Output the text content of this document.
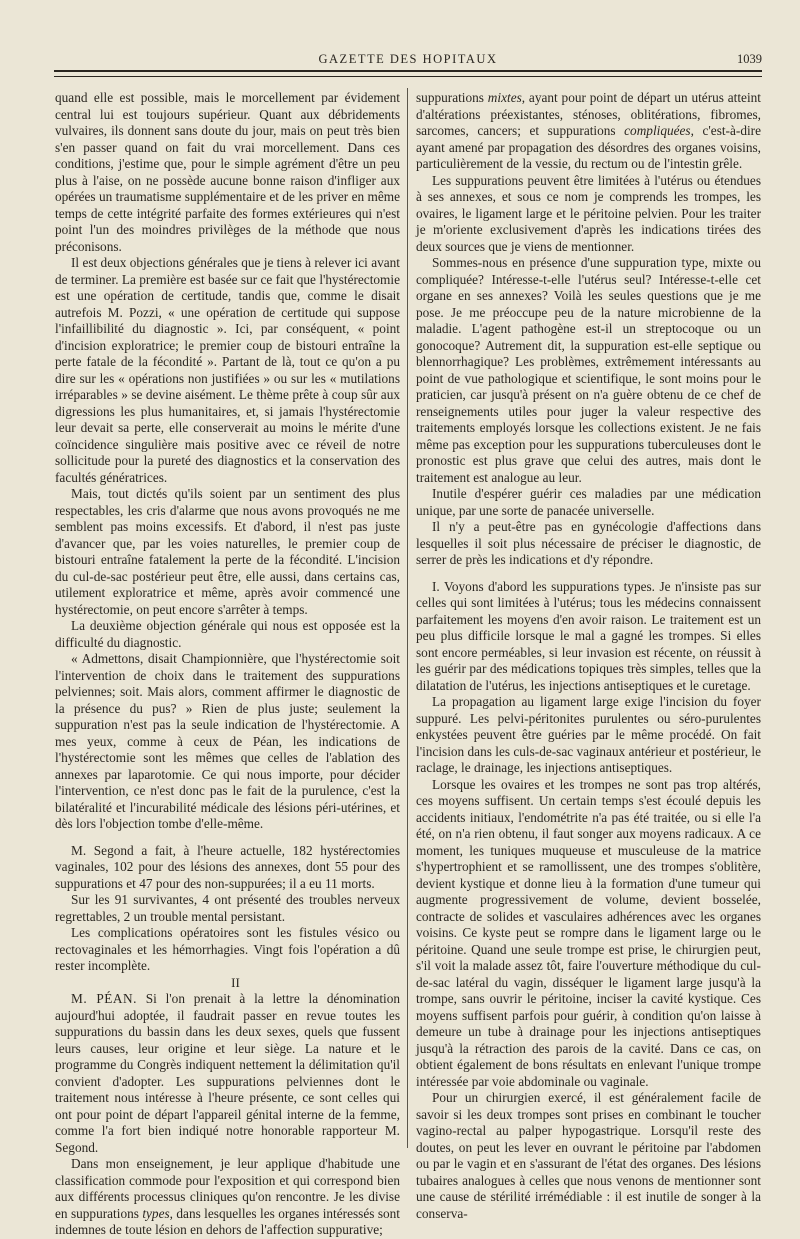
GAZETTE DES HOPITAUX	1039

quand elle est possible, mais le morcellement par évidement central lui est toujours supérieur. Quant aux débridements vulvaires, ils donnent sans doute du jour, mais on peut très bien s'en passer quand on fait du vrai morcellement. Dans ces conditions, j'estime que, pour le simple agrément d'être un peu plus à l'aise, on ne possède aucune bonne raison d'infliger aux opérées un traumatisme supplémentaire et de les priver en même temps de cette intégrité parfaite des formes extérieures qui n'est point l'un des moindres privilèges de la méthode que nous préconisons.

Il est deux objections générales que je tiens à relever ici avant de terminer. La première est basée sur ce fait que l'hystérectomie est une opération de certitude, tandis que, comme le disait autrefois M. Pozzi, « une opération de certitude qui suppose l'infaillibilité du diagnostic ». Ici, par conséquent, « point d'incision exploratrice; le premier coup de bistouri entraîne la perte fatale de la fécondité ». Partant de là, tout ce qu'on a pu dire sur les « opérations non justifiées » ou sur les « mutilations irréparables » se devine aisément. Le thème prête à coup sûr aux digressions les plus humanitaires, et, si jamais l'hystérectomie leur devait sa perte, elle conserverait au moins le mérite d'une coïncidence singulière mais positive avec ce réveil de notre sollicitude pour la pureté des diagnostics et la conservation des facultés génératrices.

Mais, tout dictés qu'ils soient par un sentiment des plus respectables, les cris d'alarme que nous avons provoqués ne me semblent pas moins excessifs. Et d'abord, il n'est pas juste d'avancer que, par les voies naturelles, le premier coup de bistouri entraîne fatalement la perte de la fécondité. L'incision du cul-de-sac postérieur peut être, elle aussi, dans certains cas, utilement exploratrice et même, après avoir commencé une hystérectomie, on peut encore s'arrêter à temps.

La deuxième objection générale qui nous est opposée est la difficulté du diagnostic.

« Admettons, disait Championnière, que l'hystérectomie soit l'intervention de choix dans le traitement des suppurations pelviennes; soit. Mais alors, comment affirmer le diagnostic de la présence du pus? » Rien de plus juste; seulement la suppuration n'est pas la seule indication de l'hystérectomie. A mes yeux, comme à ceux de Péan, les indications de l'hystérectomie sont les mêmes que celles de l'ablation des annexes par laparotomie. Ce qui nous importe, pour décider l'intervention, ce n'est donc pas le fait de la purulence, c'est la bilatéralité et l'incurabilité médicale des lésions péri-utérines, et dès lors l'objection tombe d'elle-même.

M. Segond a fait, à l'heure actuelle, 182 hystérectomies vaginales, 102 pour des lésions des annexes, dont 55 pour des suppurations et 47 pour des non-suppurées; il a eu 11 morts.

Sur les 91 survivantes, 4 ont présenté des troubles nerveux regrettables, 2 un trouble mental persistant.

Les complications opératoires sont les fistules vésico ou rectovaginales et les hémorrhagies. Vingt fois l'opération a dû rester incomplète.

II

M. PÉAN. Si l'on prenait à la lettre la dénomination aujourd'hui adoptée, il faudrait passer en revue toutes les suppurations du bassin dans les deux sexes, quels que fussent leurs causes, leur origine et leur siège. La nature et le programme du Congrès indiquent nettement la délimitation qu'il convient d'adopter. Les suppurations pelviennes dont le traitement nous intéresse à l'heure présente, ce sont celles qui ont pour point de départ l'appareil génital interne de la femme, comme l'a fort bien indiqué notre honorable rapporteur M. Segond.

Dans mon enseignement, je leur applique d'habitude une classification commode pour l'exposition et qui correspond bien aux différents processus cliniques qu'on rencontre. Je les divise en suppurations types, dans lesquelles les organes intéressés sont indemnes de toute lésion en dehors de l'affection suppurative;

suppurations mixtes, ayant pour point de départ un utérus atteint d'altérations préexistantes, sténoses, oblitérations, fibromes, sarcomes, cancers; et suppurations compliquées, c'est-à-dire ayant amené par propagation des désordres des organes voisins, particulièrement de la vessie, du rectum ou de l'intestin grêle.

Les suppurations peuvent être limitées à l'utérus ou étendues à ses annexes, et sous ce nom je comprends les trompes, les ovaires, le ligament large et le péritoine pelvien. Pour les traiter je m'oriente exclusivement d'après les indications tirées des deux sources que je viens de mentionner.

Sommes-nous en présence d'une suppuration type, mixte ou compliquée? Intéresse-t-elle l'utérus seul? Intéresse-t-elle cet organe en ses annexes? Voilà les seules questions que je me pose. Je me préoccupe peu de la nature microbienne de la maladie. L'agent pathogène est-il un streptocoque ou un gonocoque? Autrement dit, la suppuration est-elle septique ou blennorrhagique? Les problèmes, extrêmement intéressants au point de vue pathologique et scientifique, le sont moins pour le praticien, car jusqu'à présent on n'a guère obtenu de ce chef de renseignements utiles pour juger la valeur respective des traitements employés lorsque les collections existent. Je ne fais même pas exception pour les suppurations tuberculeuses dont le pronostic est plus grave que celui des autres, mais dont le traitement est analogue au leur.

Inutile d'espérer guérir ces maladies par une médication unique, par une sorte de panacée universelle.

Il n'y a peut-être pas en gynécologie d'affections dans lesquelles il soit plus nécessaire de préciser le diagnostic, de serrer de près les indications et d'y répondre.

I. Voyons d'abord les suppurations types. Je n'insiste pas sur celles qui sont limitées à l'utérus; tous les médecins connaissent parfaitement les moyens d'en avoir raison. Le traitement est un peu plus difficile lorsque le mal a gagné les trompes. Si elles sont encore perméables, si leur invasion est récente, on réussit à les guérir par des médications topiques très simples, telles que la dilatation de l'utérus, les injections antiseptiques et le curetage.

La propagation au ligament large exige l'incision du foyer suppuré. Les pelvi-péritonites purulentes ou séro-purulentes enkystées peuvent être guéries par le même procédé. On fait l'incision dans les culs-de-sac vaginaux antérieur et postérieur, le raclage, le drainage, les injections antiseptiques.

Lorsque les ovaires et les trompes ne sont pas trop altérés, ces moyens suffisent. Un certain temps s'est écoulé depuis les accidents initiaux, l'endométrite n'a pas été traitée, ou si elle l'a été, on n'a rien obtenu, il faut songer aux moyens radicaux. A ce moment, les tuniques muqueuse et musculeuse de la matrice s'hypertrophient et se ramollissent, une des trompes s'oblitère, devient kystique et donne lieu à la formation d'une tumeur qui augmente progressivement de volume, devient bosselée, contracte de solides et vasculaires adhérences avec les organes voisins. Ce kyste peut se rompre dans le ligament large ou le péritoine. Quand une seule trompe est prise, le chirurgien peut, s'il voit la malade assez tôt, faire l'ouverture méthodique du cul-de-sac latéral du vagin, disséquer le ligament large jusqu'à la trompe, sans ouvrir le péritoine, inciser la cavité kystique. Ces moyens suffisent parfois pour guérir, à condition qu'on laisse à demeure un tube à drainage pour les injections antiseptiques jusqu'à la rétraction des parois de la cavité. Dans ce cas, on obtient également de bons résultats en enlevant l'unique trompe intéressée par voie abdominale ou vaginale.

Pour un chirurgien exercé, il est généralement facile de savoir si les deux trompes sont prises en combinant le toucher vagino-rectal au palper hypogastrique. Lorsqu'il reste des doutes, on peut les lever en ouvrant le péritoine par l'abdomen ou par le vagin et en s'assurant de l'état des organes. Des lésions tubaires analogues à celles que nous venons de mentionner sont une cause de stérilité irrémédiable : il est inutile de songer à la conserva-
